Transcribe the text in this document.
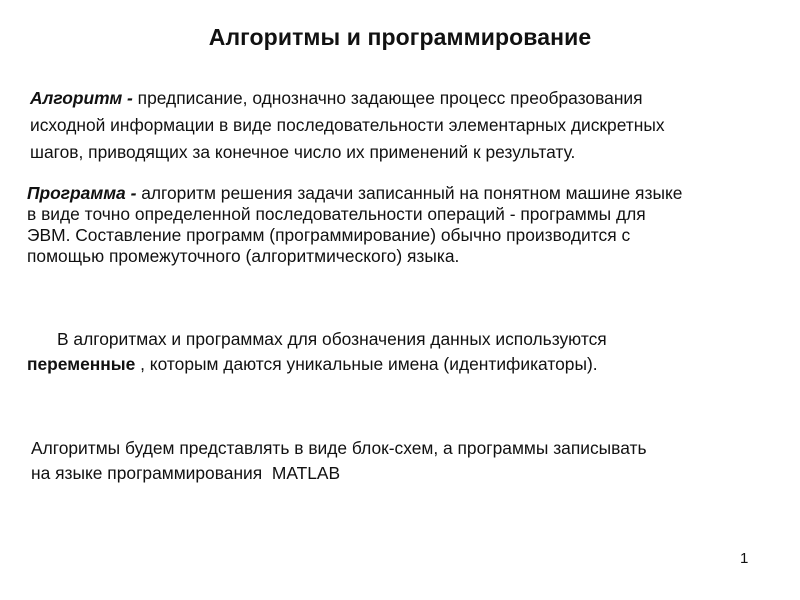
Алгоритмы и программирование
Алгоритм - предписание, однозначно задающее процесс преобразования
исходной информации в виде последовательности элементарных дискретных
шагов, приводящих за конечное число их применений к результату.
Программа - алгоритм решения задачи записанный на понятном машине языке
в виде точно определенной последовательности операций - программы для
ЭВМ. Составление программ (программирование) обычно производится с
помощью промежуточного (алгоритмического) языка.
В алгоритмах и программах для обозначения данных используются
переменные , которым даются уникальные имена (идентификаторы).
Алгоритмы будем представлять в виде блок-схем, а программы записывать
на языке программирования  MATLAB
1
